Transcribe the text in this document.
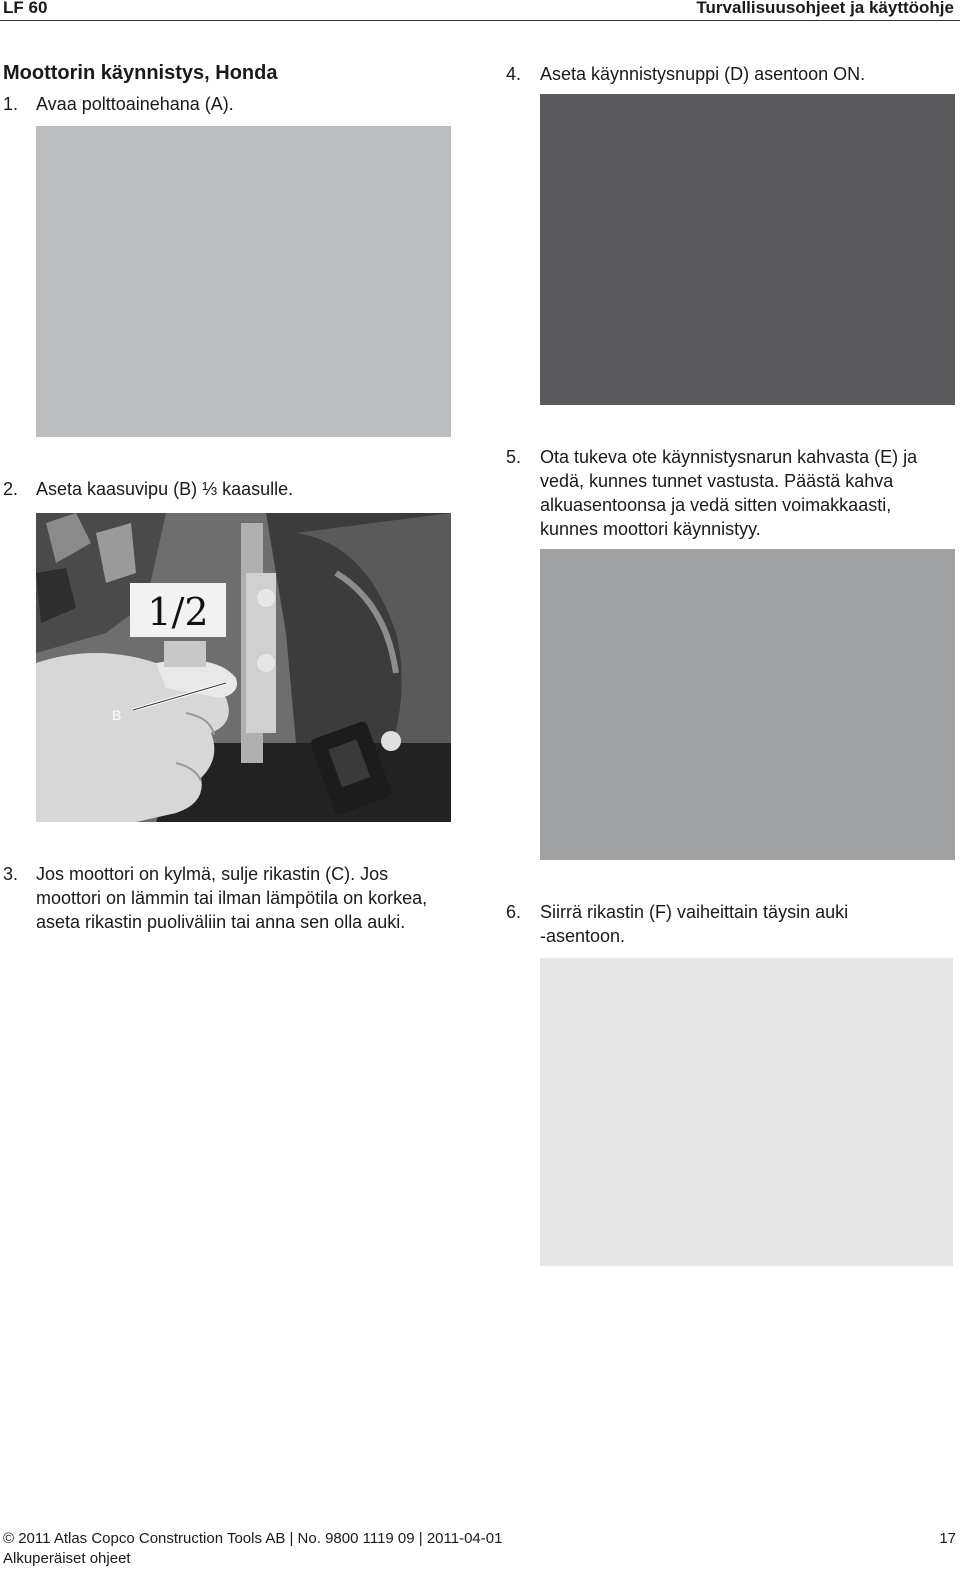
LF 60	Turvallisuusohjeet ja käyttöohje
Moottorin käynnistys, Honda
1. Avaa polttoainehana (A).
2. Aseta kaasuvipu (B) ⅓ kaasulle.
1/2
B
3. Jos moottori on kylmä, sulje rikastin (C). Jos
moottori on lämmin tai ilman lämpötila on korkea,
aseta rikastin puoliväliin tai anna sen olla auki.
4. Aseta käynnistysnuppi (D) asentoon ON.
5. Ota tukeva ote käynnistysnarun kahvasta (E) ja
vedä, kunnes tunnet vastusta. Päästä kahva
alkuasentoonsa ja vedä sitten voimakkaasti,
kunnes moottori käynnistyy.
6. Siirrä rikastin (F) vaiheittain täysin auki
-asentoon.
© 2011 Atlas Copco Construction Tools AB | No. 9800 1119 09 | 2011-04-01
Alkuperäiset ohjeet
17
